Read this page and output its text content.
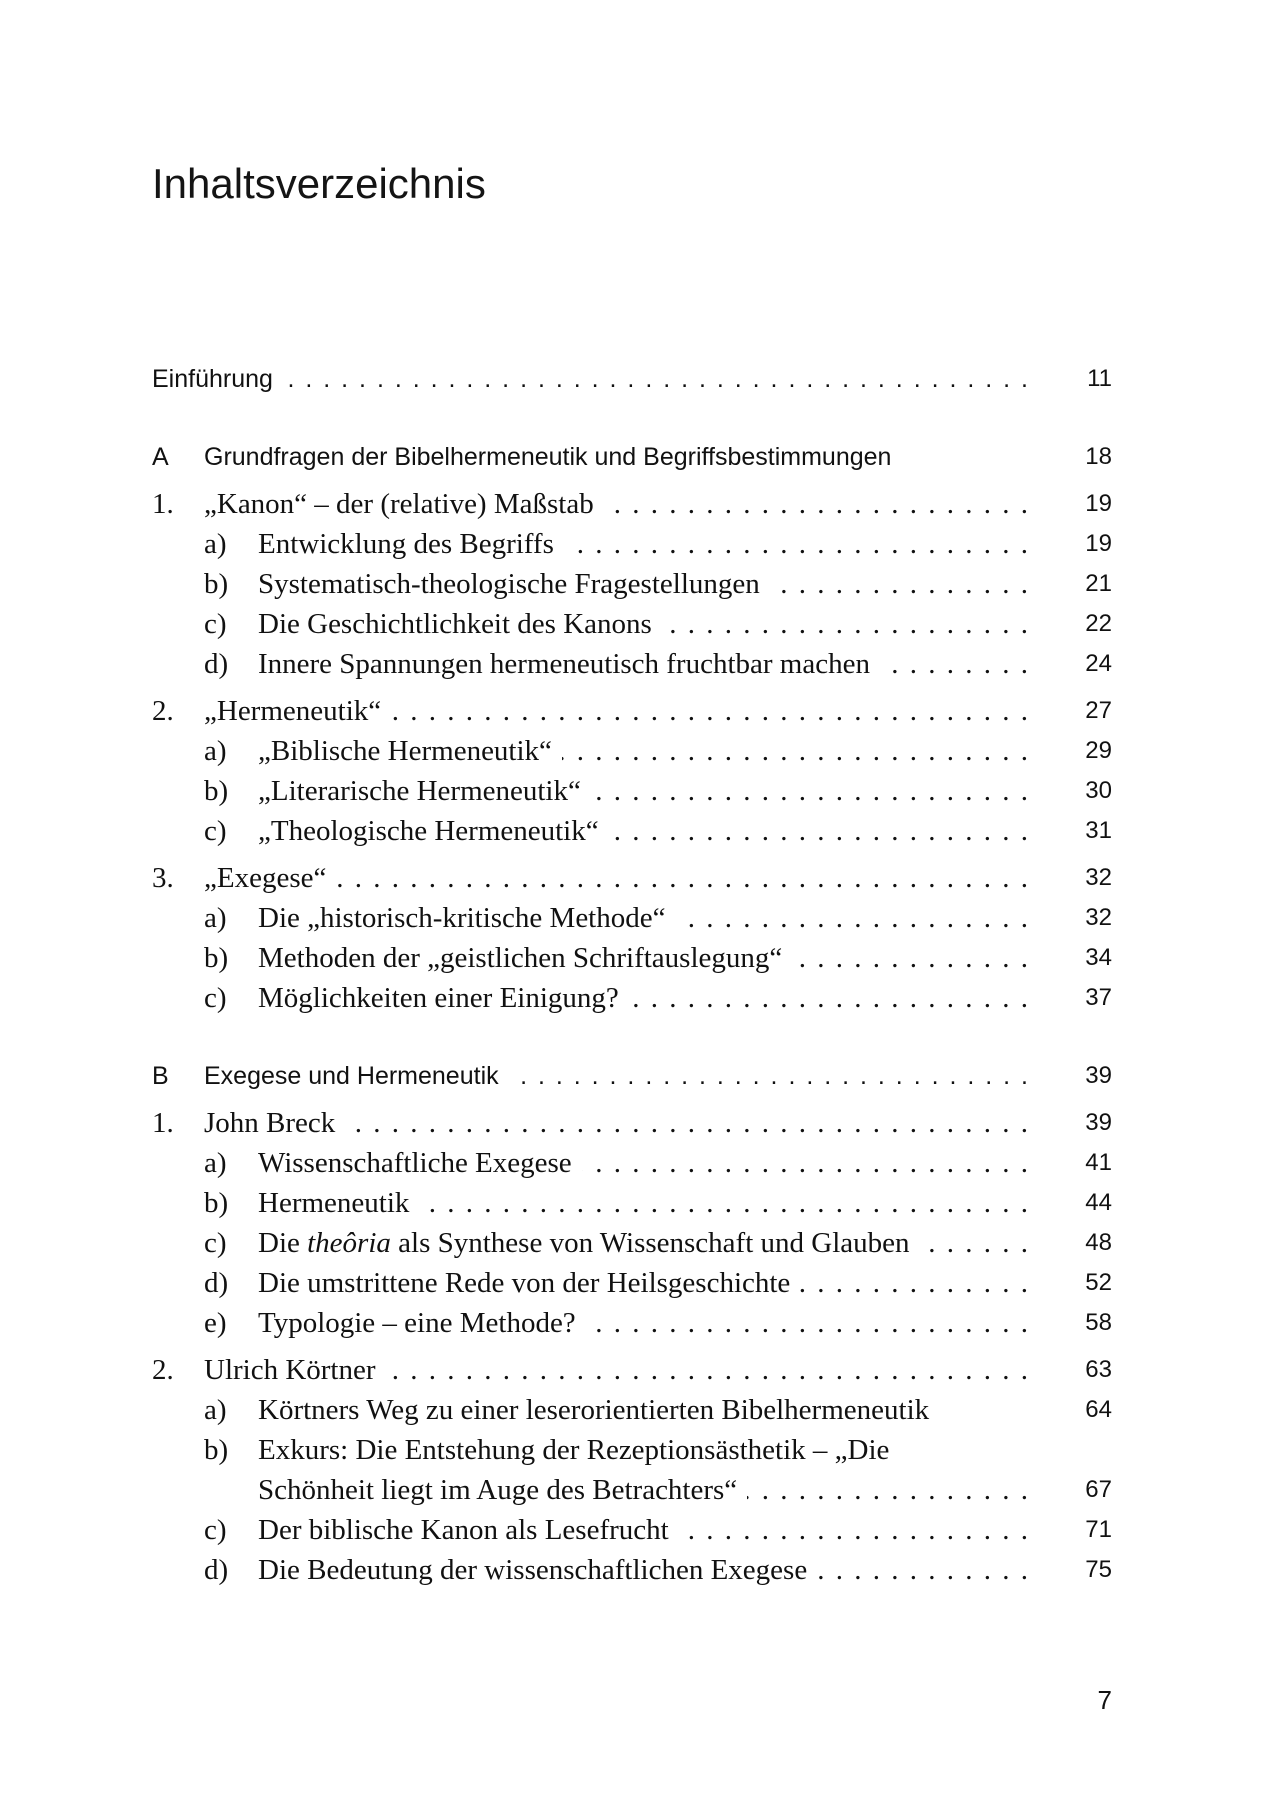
Inhaltsverzeichnis
Einführung . . .	11
A Grundfragen der Bibelhermeneutik und Begriffsbestimmungen	18
1. „Kanon“ – der (relative) Maßstab . . .	19
a) Entwicklung des Begriffs . . .	19
b) Systematisch-theologische Fragestellungen . . .	21
c) Die Geschichtlichkeit des Kanons . . .	22
d) Innere Spannungen hermeneutisch fruchtbar machen . . .	24
2. „Hermeneutik“ . . .	27
a) „Biblische Hermeneutik“ . . .	29
b) „Literarische Hermeneutik“ . . .	30
c) „Theologische Hermeneutik“ . . .	31
3. „Exegese“ . . .	32
a) Die „historisch-kritische Methode“ . . .	32
b) Methoden der „geistlichen Schriftauslegung“ . . .	34
c) Möglichkeiten einer Einigung? . . .	37
B Exegese und Hermeneutik . . .	39
1. John Breck . . .	39
a) Wissenschaftliche Exegese . . .	41
b) Hermeneutik . . .	44
c) Die theôria als Synthese von Wissenschaft und Glauben . . .	48
d) Die umstrittene Rede von der Heilsgeschichte . . .	52
e) Typologie – eine Methode? . . .	58
2. Ulrich Körtner . . .	63
a) Körtners Weg zu einer leserorientierten Bibelhermeneutik	64
b) Exkurs: Die Entstehung der Rezeptionsästhetik – „Die
Schönheit liegt im Auge des Betrachters“ . . .	67
c) Der biblische Kanon als Lesefrucht . . .	71
d) Die Bedeutung der wissenschaftlichen Exegese . . .	75
7
